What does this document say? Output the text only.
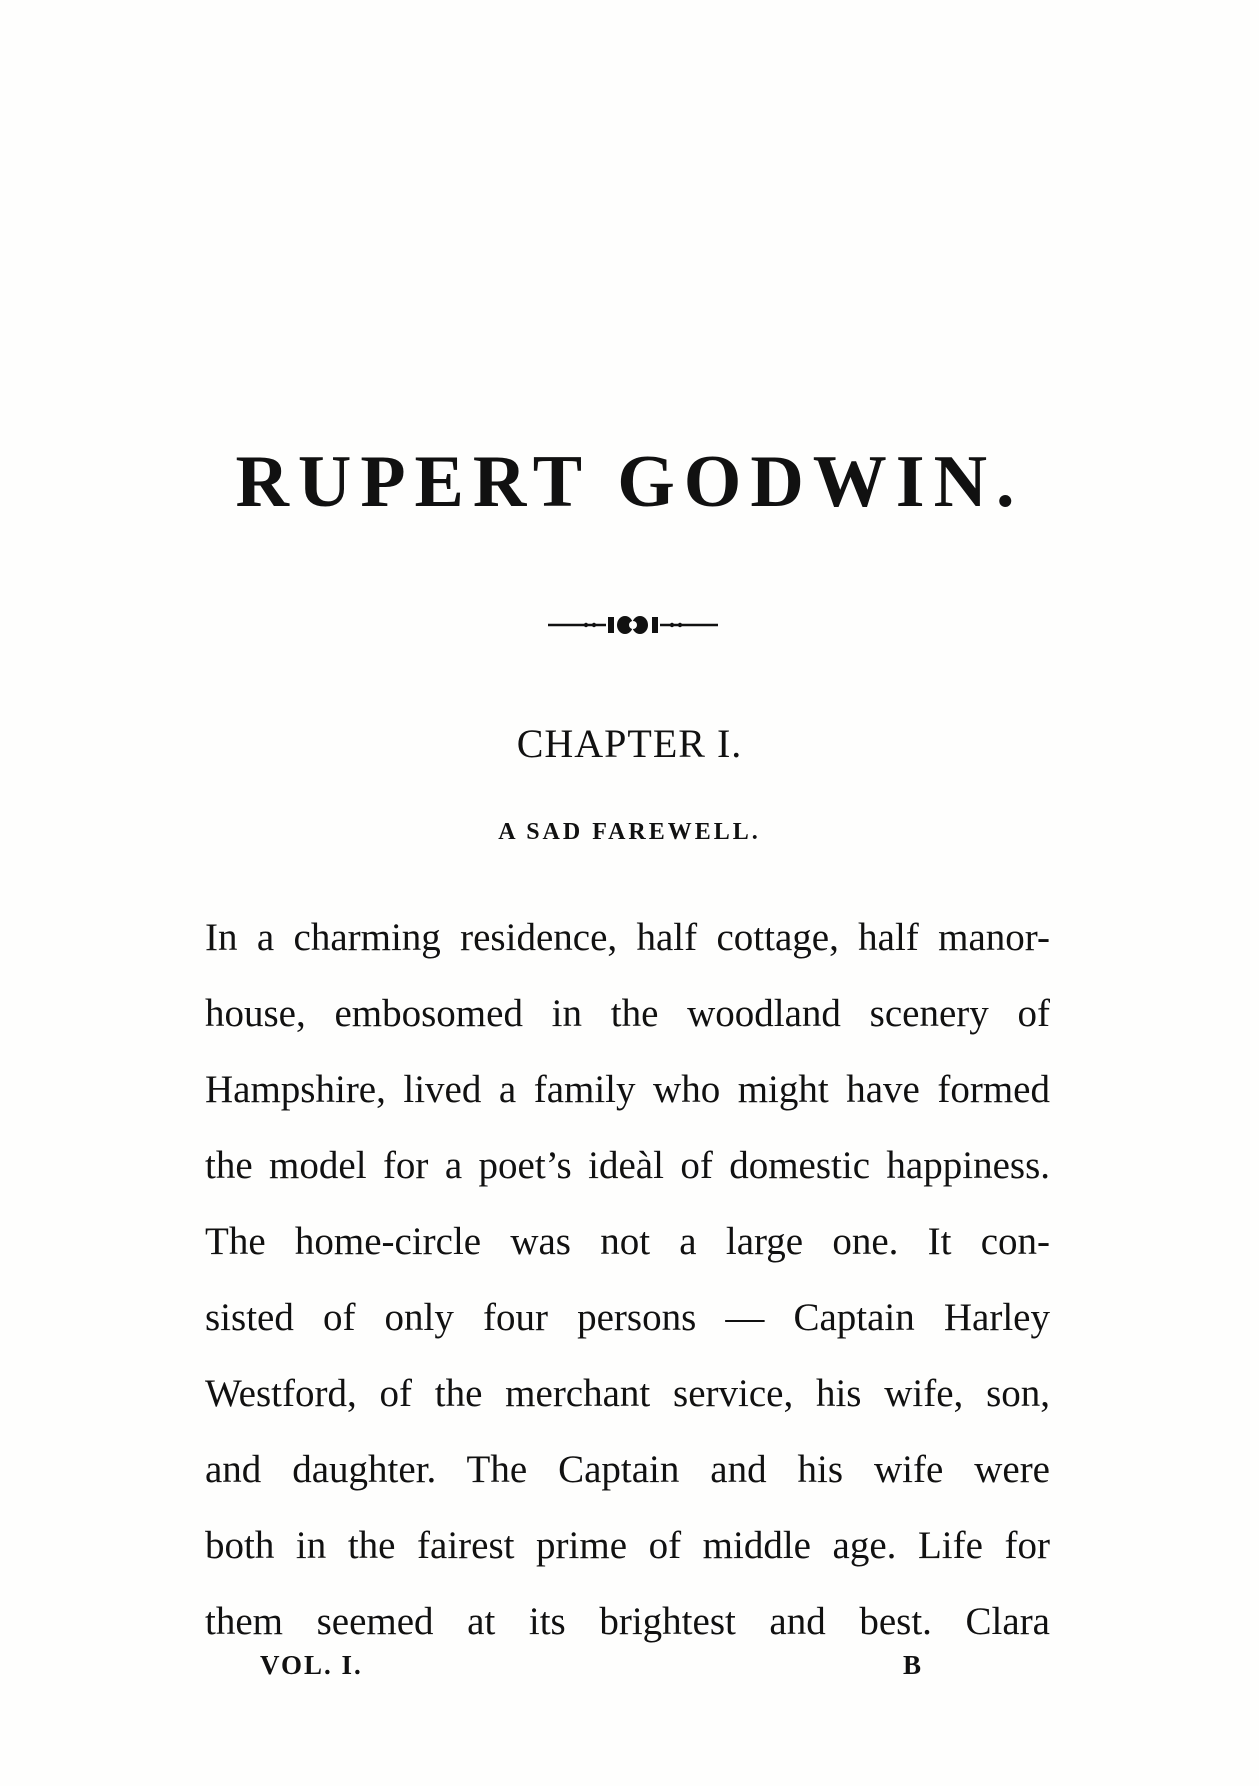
RUPERT GODWIN.
CHAPTER I.
A SAD FAREWELL.
In a charming residence, half cottage, half manor-
house, embosomed in the woodland scenery of
Hampshire, lived a family who might have formed
the model for a poet’s ideàl of domestic happiness.
The home-circle was not a large one. It con-
sisted of only four persons — Captain Harley
Westford, of the merchant service, his wife, son,
and daughter. The Captain and his wife were
both in the fairest prime of middle age. Life for
them seemed at its brightest and best. Clara
VOL. I.	B
